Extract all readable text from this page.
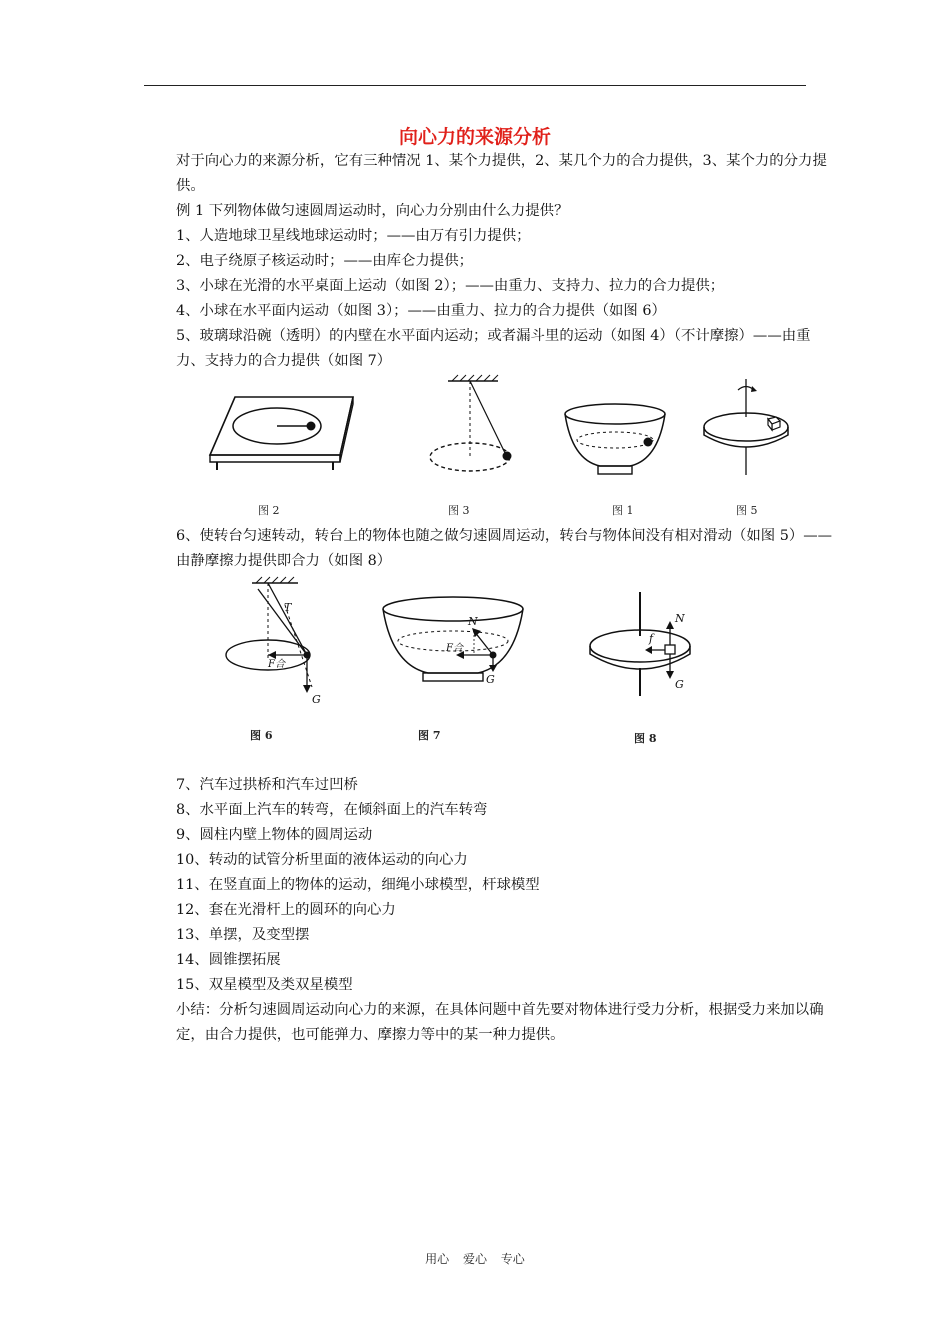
向心力的来源分析
对于向心力的来源分析，它有三种情况 1、某个力提供，2、某几个力的合力提供，3、某个力的分力提供。
例 1 下列物体做匀速圆周运动时，向心力分别由什么力提供？
1、人造地球卫星线地球运动时；——由万有引力提供；
2、电子绕原子核运动时；——由库仑力提供；
3、小球在光滑的水平桌面上运动（如图 2）；——由重力、支持力、拉力的合力提供；
4、小球在水平面内运动（如图 3）；——由重力、拉力的合力提供（如图 6）
5、玻璃球沿碗（透明）的内壁在水平面内运动；或者漏斗里的运动（如图 4）（不计摩擦）——由重力、支持力的合力提供（如图 7）
图 2	图 3	图 1	图 5
6、使转台匀速转动，转台上的物体也随之做匀速圆周运动，转台与物体间没有相对滑动（如图 5）——由静摩擦力提供即合力（如图 8）
T
F合
G
图 6
N
F合
G
图 7
N
f
G
图 8
7、汽车过拱桥和汽车过凹桥
8、水平面上汽车的转弯，在倾斜面上的汽车转弯
9、圆柱内壁上物体的圆周运动
10、转动的试管分析里面的液体运动的向心力
11、在竖直面上的物体的运动，细绳小球模型，杆球模型
12、套在光滑杆上的圆环的向心力
13、单摆，及变型摆
14、圆锥摆拓展
15、双星模型及类双星模型
小结：分析匀速圆周运动向心力的来源，在具体问题中首先要对物体进行受力分析，根据受力来加以确定，由合力提供，也可能弹力、摩擦力等中的某一种力提供。
用心 爱心 专心
